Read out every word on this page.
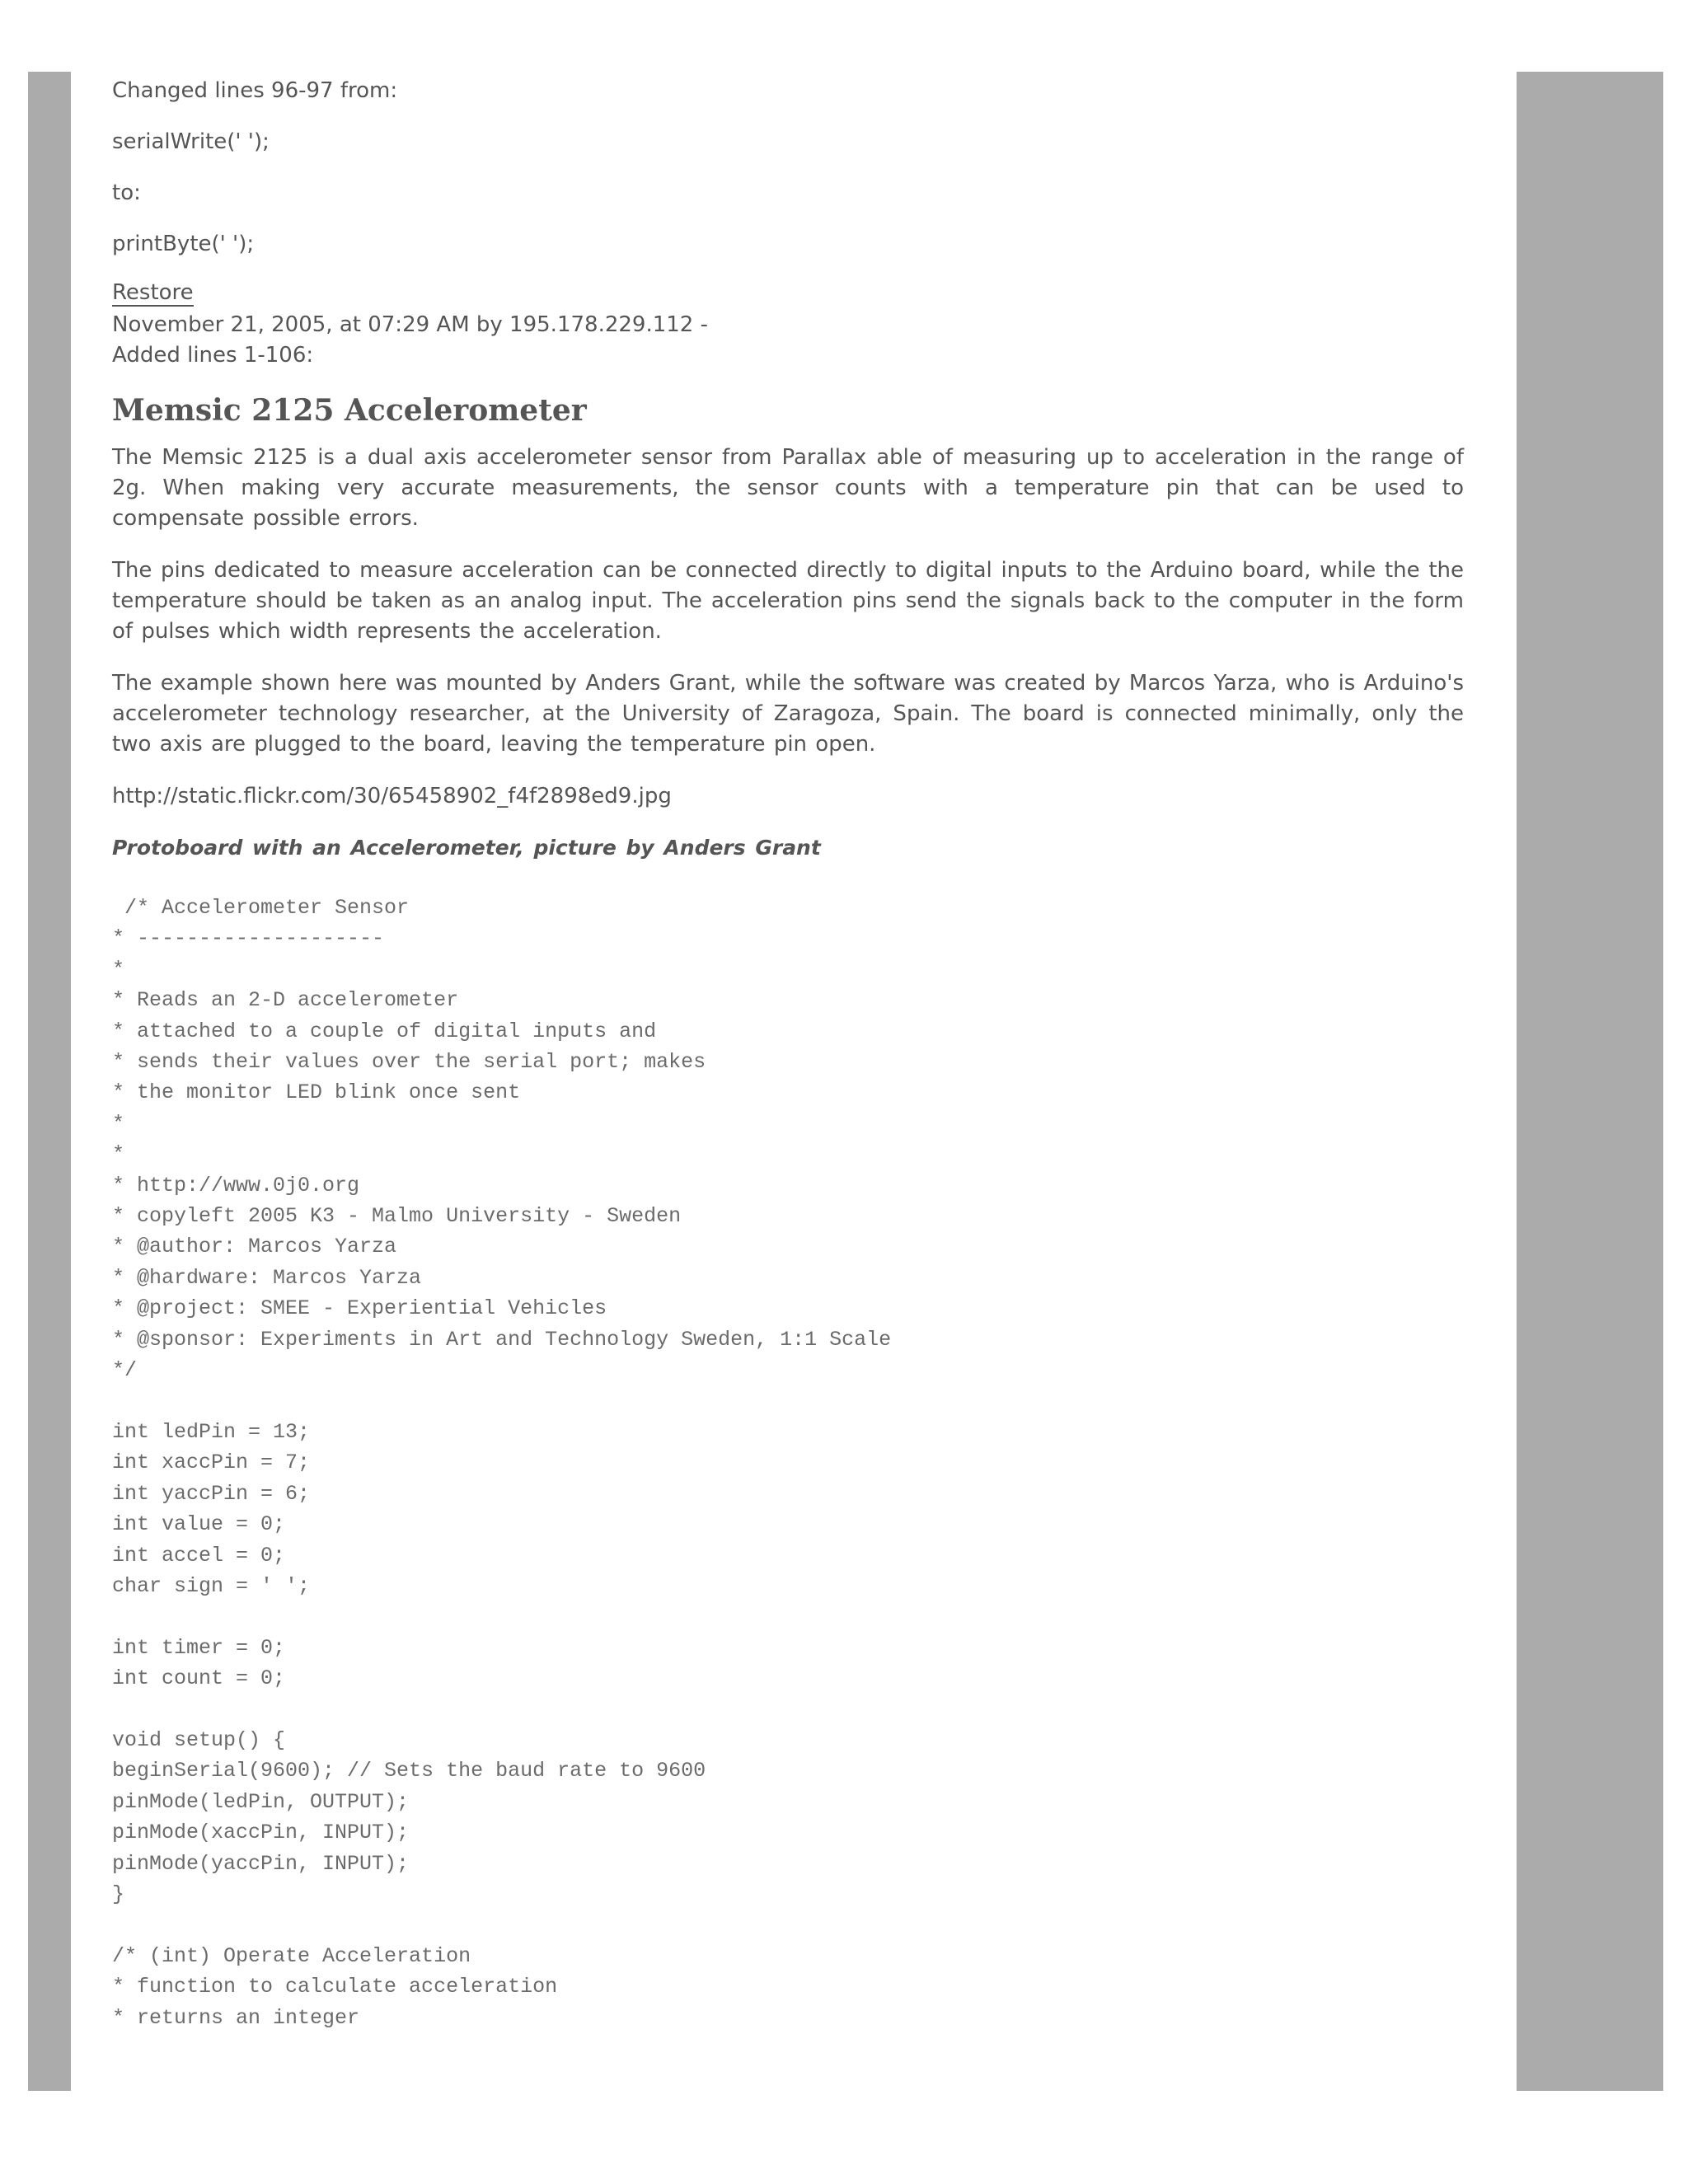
Changed lines 96-97 from:

serialWrite(' ');

to:

printByte(' ');

Restore

November 21, 2005, at 07:29 AM by 195.178.229.112 -

Added lines 1-106:

Memsic 2125 Accelerometer

The Memsic 2125 is a dual axis accelerometer sensor from Parallax able of measuring up to acceleration in the range of 2g. When making very accurate measurements, the sensor counts with a temperature pin that can be used to compensate possible errors.

The pins dedicated to measure acceleration can be connected directly to digital inputs to the Arduino board, while the the temperature should be taken as an analog input. The acceleration pins send the signals back to the computer in the form of pulses which width represents the acceleration.

The example shown here was mounted by Anders Grant, while the software was created by Marcos Yarza, who is Arduino's accelerometer technology researcher, at the University of Zaragoza, Spain. The board is connected minimally, only the two axis are plugged to the board, leaving the temperature pin open.

http://static.flickr.com/30/65458902_f4f2898ed9.jpg

Protoboard with an Accelerometer, picture by Anders Grant

/* Accelerometer Sensor
* --------------------
*
* Reads an 2-D accelerometer
* attached to a couple of digital inputs and
* sends their values over the serial port; makes
* the monitor LED blink once sent
*
*
* http://www.0j0.org
* copyleft 2005 K3 - Malmo University - Sweden
* @author: Marcos Yarza
* @hardware: Marcos Yarza
* @project: SMEE - Experiential Vehicles
* @sponsor: Experiments in Art and Technology Sweden, 1:1 Scale
*/

int ledPin = 13;
int xaccPin = 7;
int yaccPin = 6;
int value = 0;
int accel = 0;
char sign = ' ';

int timer = 0;
int count = 0;

void setup() {
beginSerial(9600); // Sets the baud rate to 9600
pinMode(ledPin, OUTPUT);
pinMode(xaccPin, INPUT);
pinMode(yaccPin, INPUT);
}

/* (int) Operate Acceleration
* function to calculate acceleration
* returns an integer
